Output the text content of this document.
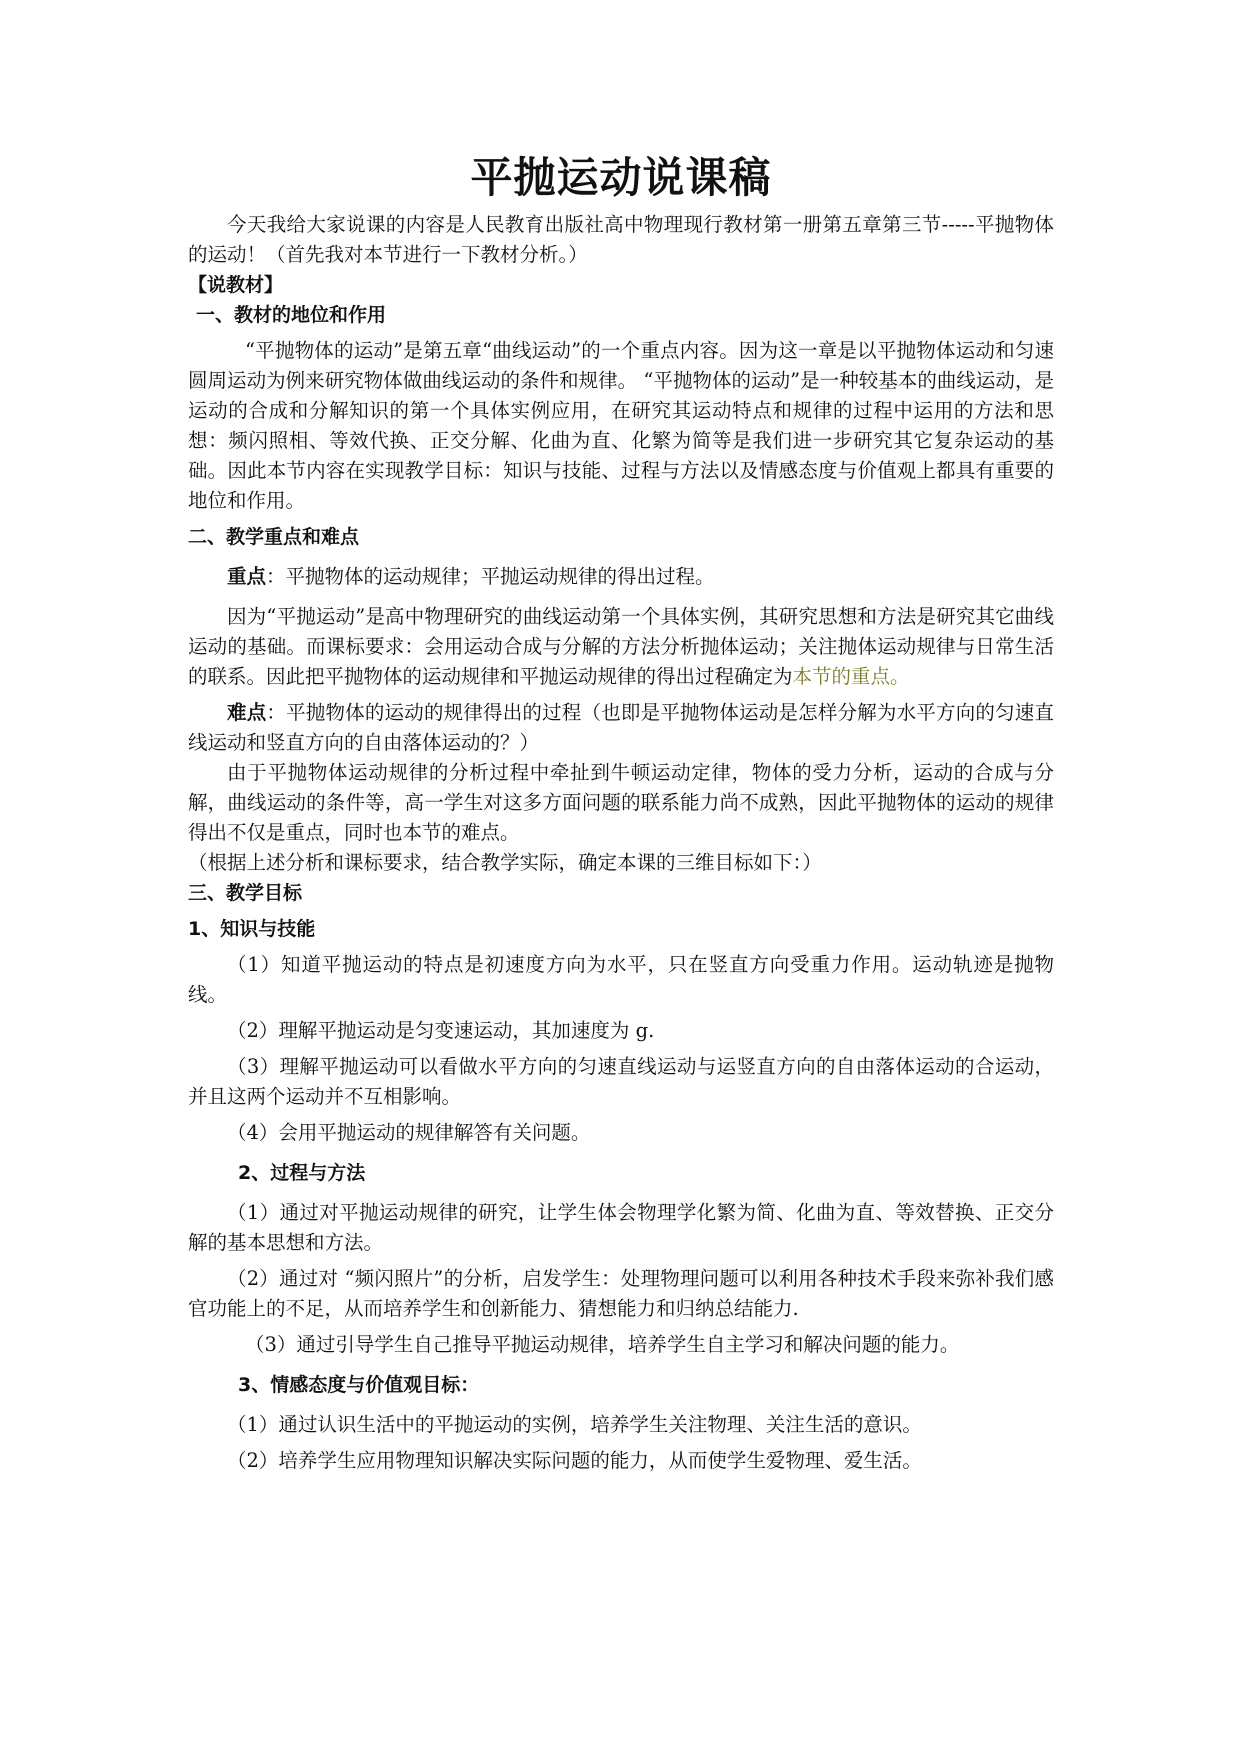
平抛运动说课稿

今天我给大家说课的内容是人民教育出版社高中物理现行教材第一册第五章第三节-----平抛物体的运动！（首先我对本节进行一下教材分析。）

【说教材】
一、教材的地位和作用

“平抛物体的运动”是第五章“曲线运动”的一个重点内容。因为这一章是以平抛物体运动和匀速圆周运动为例来研究物体做曲线运动的条件和规律。 “平抛物体的运动”是一种较基本的曲线运动，是运动的合成和分解知识的第一个具体实例应用，在研究其运动特点和规律的过程中运用的方法和思想：频闪照相、等效代换、正交分解、化曲为直、化繁为简等是我们进一步研究其它复杂运动的基础。因此本节内容在实现教学目标：知识与技能、过程与方法以及情感态度与价值观上都具有重要的地位和作用。

二、教学重点和难点

重点：平抛物体的运动规律；平抛运动规律的得出过程。

因为“平抛运动”是高中物理研究的曲线运动第一个具体实例，其研究思想和方法是研究其它曲线运动的基础。而课标要求：会用运动合成与分解的方法分析抛体运动；关注抛体运动规律与日常生活的联系。因此把平抛物体的运动规律和平抛运动规律的得出过程确定为本节的重点。

难点：平抛物体的运动的规律得出的过程（也即是平抛物体运动是怎样分解为水平方向的匀速直线运动和竖直方向的自由落体运动的？）

由于平抛物体运动规律的分析过程中牵扯到牛顿运动定律，物体的受力分析，运动的合成与分解，曲线运动的条件等，高一学生对这多方面问题的联系能力尚不成熟，因此平抛物体的运动的规律得出不仅是重点，同时也本节的难点。

（根据上述分析和课标要求，结合教学实际，确定本课的三维目标如下：）

三、教学目标
1、知识与技能

（1）知道平抛运动的特点是初速度方向为水平，只在竖直方向受重力作用。运动轨迹是抛物线。

（2）理解平抛运动是匀变速运动，其加速度为 g.

（3）理解平抛运动可以看做水平方向的匀速直线运动与运竖直方向的自由落体运动的合运动，并且这两个运动并不互相影响。

（4）会用平抛运动的规律解答有关问题。

2、过程与方法

（1）通过对平抛运动规律的研究，让学生体会物理学化繁为简、化曲为直、等效替换、正交分解的基本思想和方法。

（2）通过对 “频闪照片”的分析，启发学生：处理物理问题可以利用各种技术手段来弥补我们感官功能上的不足，从而培养学生和创新能力、猜想能力和归纳总结能力.

（3）通过引导学生自己推导平抛运动规律，培养学生自主学习和解决问题的能力。

3、情感态度与价值观目标：

（1）通过认识生活中的平抛运动的实例，培养学生关注物理、关注生活的意识。

（2）培养学生应用物理知识解决实际问题的能力，从而使学生爱物理、爱生活。
